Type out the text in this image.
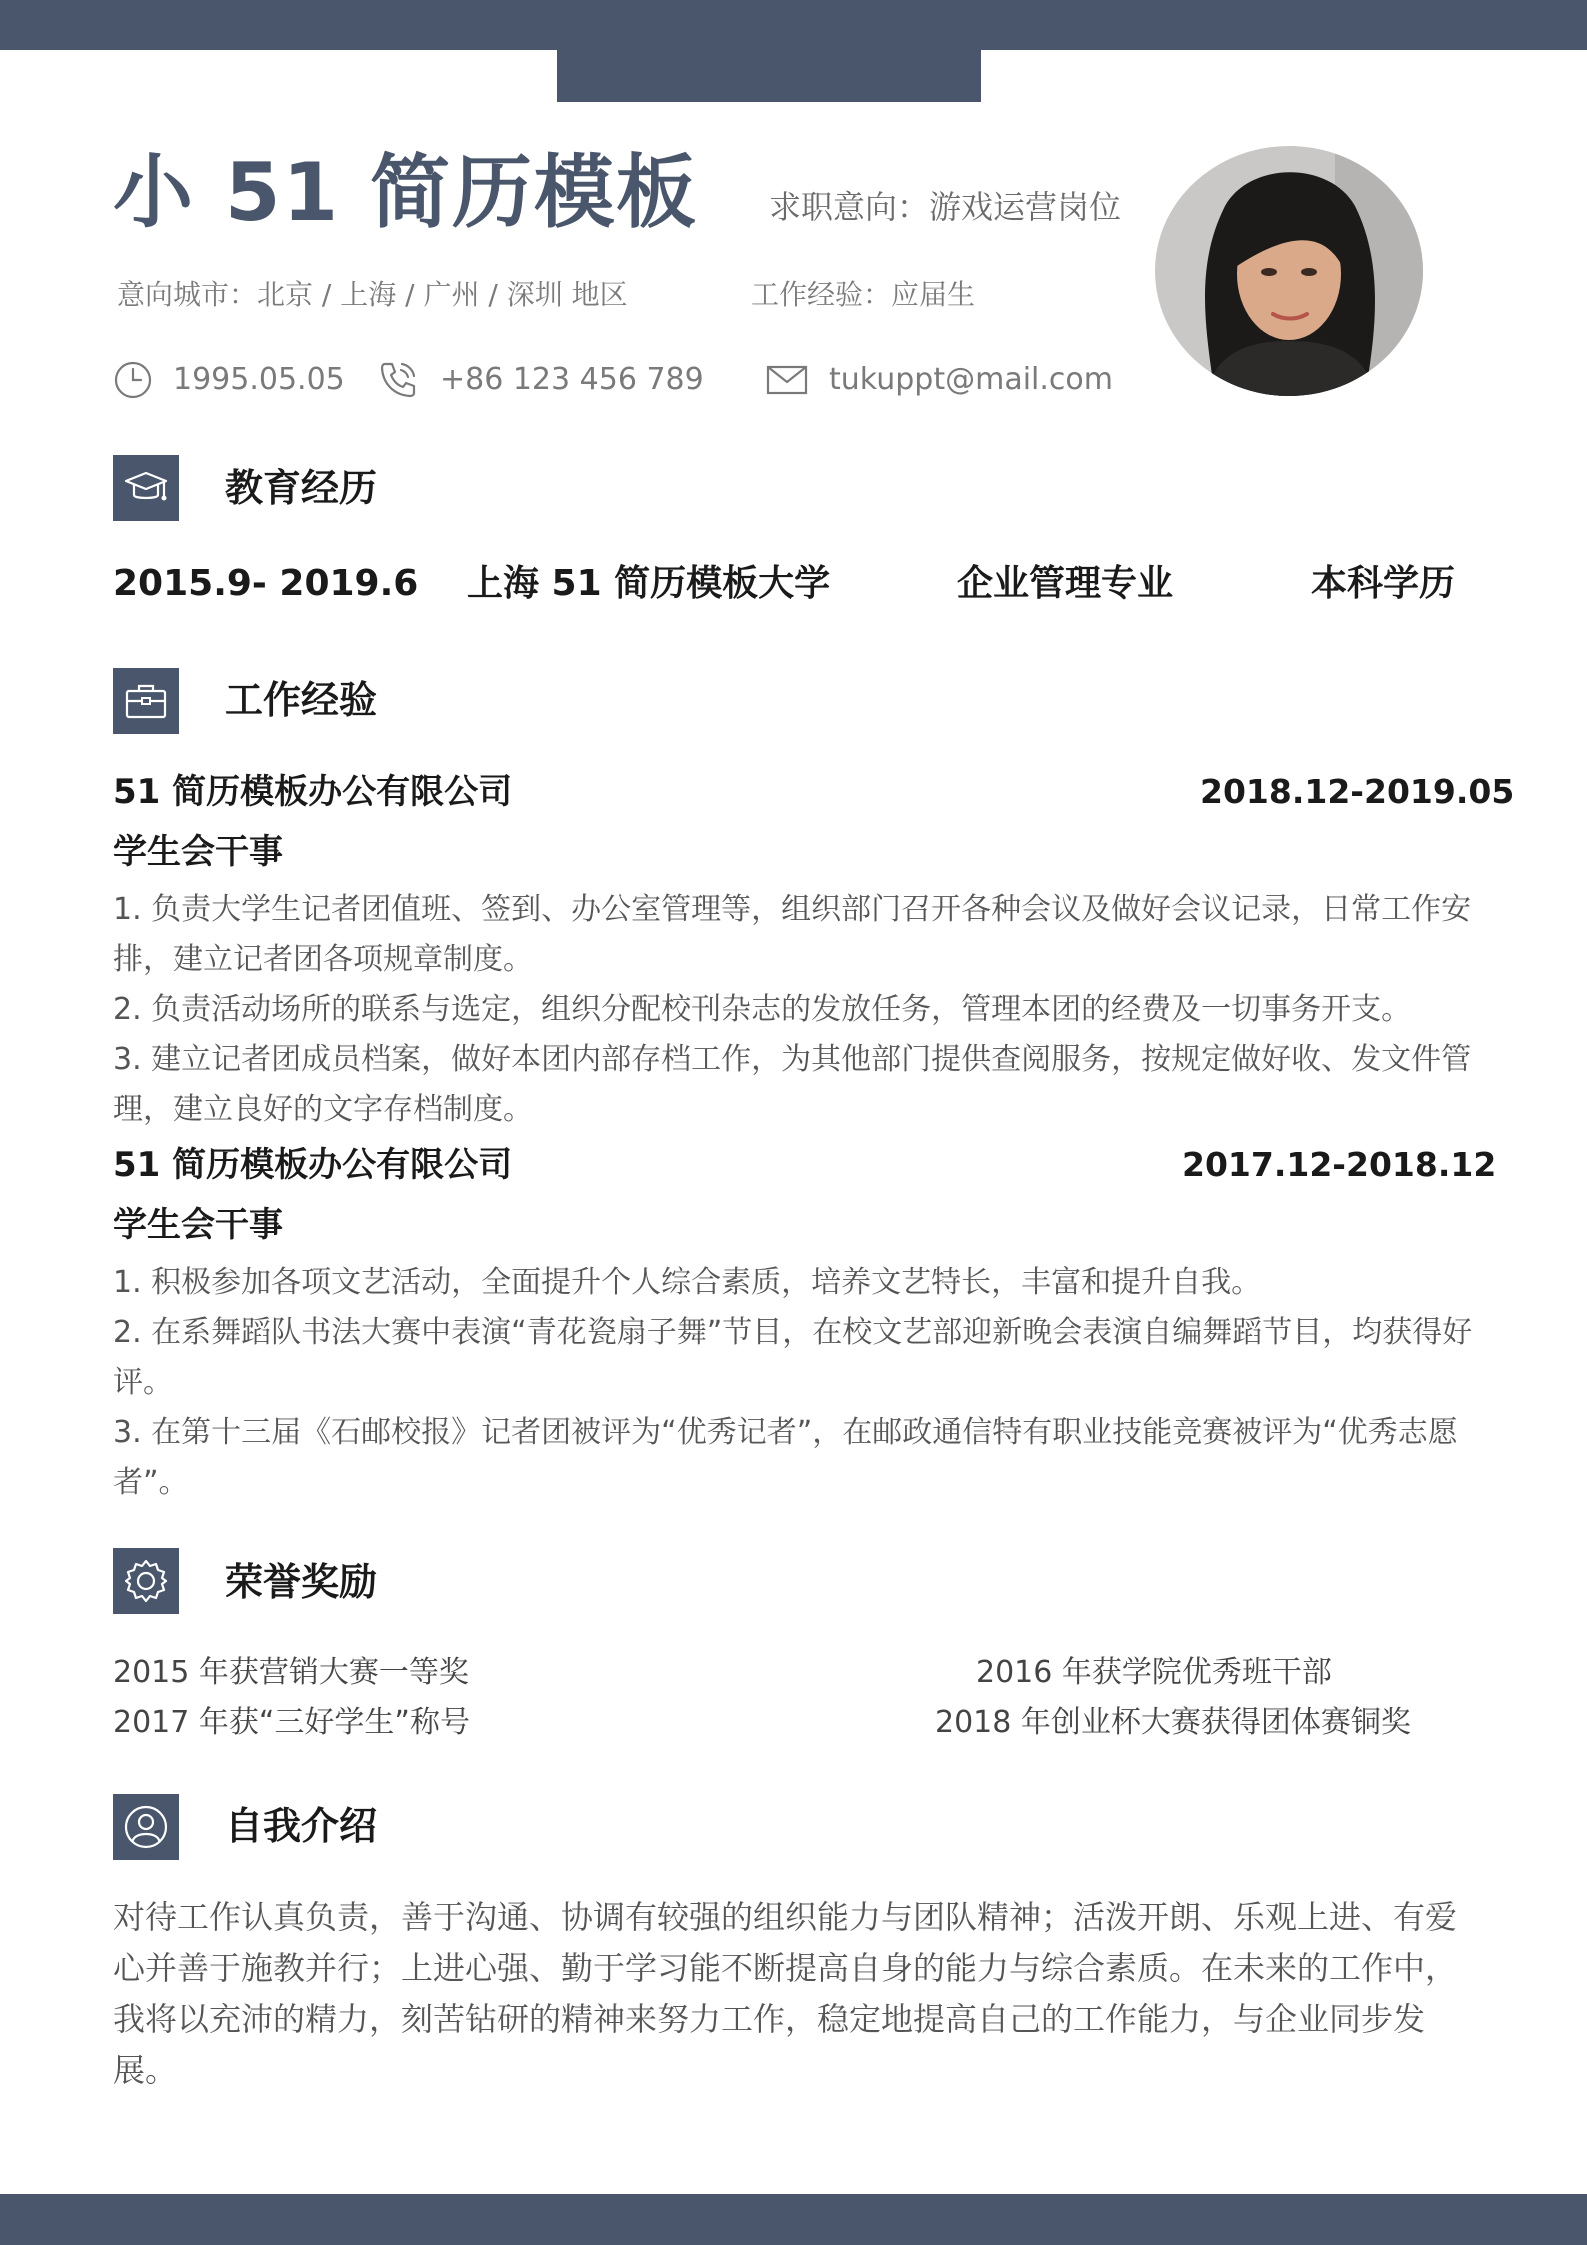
小 51 简历模板 求职意向：游戏运营岗位
意向城市：北京 / 上海 / 广州 / 深圳 地区	工作经验：应届生
1995.05.05	+86 123 456 789	tukuppt@mail.com
教育经历
2015.9- 2019.6 上海 51 简历模板大学	企业管理专业	本科学历
工作经验
51 简历模板办公有限公司	2018.12-2019.05
学生会干事

1. 负责大学生记者团值班、签到、办公室管理等，组织部门召开各种会议及做好会议记录，日常工作安排，建立记者团各项规章制度。

2. 负责活动场所的联系与选定，组织分配校刊杂志的发放任务，管理本团的经费及一切事务开支。

3. 建立记者团成员档案，做好本团内部存档工作，为其他部门提供查阅服务，按规定做好收、发文件管理，建立良好的文字存档制度。

51 简历模板办公有限公司	2017.12-2018.12
学生会干事

1. 积极参加各项文艺活动，全面提升个人综合素质，培养文艺特长，丰富和提升自我。

2. 在系舞蹈队书法大赛中表演“青花瓷扇子舞”节目，在校文艺部迎新晚会表演自编舞蹈节目，均获得好评。

3. 在第十三届《石邮校报》记者团被评为“优秀记者”，在邮政通信特有职业技能竞赛被评为“优秀志愿者”。

荣誉奖励
2015 年获营销大赛一等奖	2016 年获学院优秀班干部
2017 年获“三好学生”称号	2018 年创业杯大赛获得团体赛铜奖
自我介绍
对待工作认真负责，善于沟通、协调有较强的组织能力与团队精神；活泼开朗、乐观上进、有爱心并善于施教并行；上进心强、勤于学习能不断提高自身的能力与综合素质。在未来的工作中，我将以充沛的精力，刻苦钻研的精神来努力工作，稳定地提高自己的工作能力，与企业同步发展。
